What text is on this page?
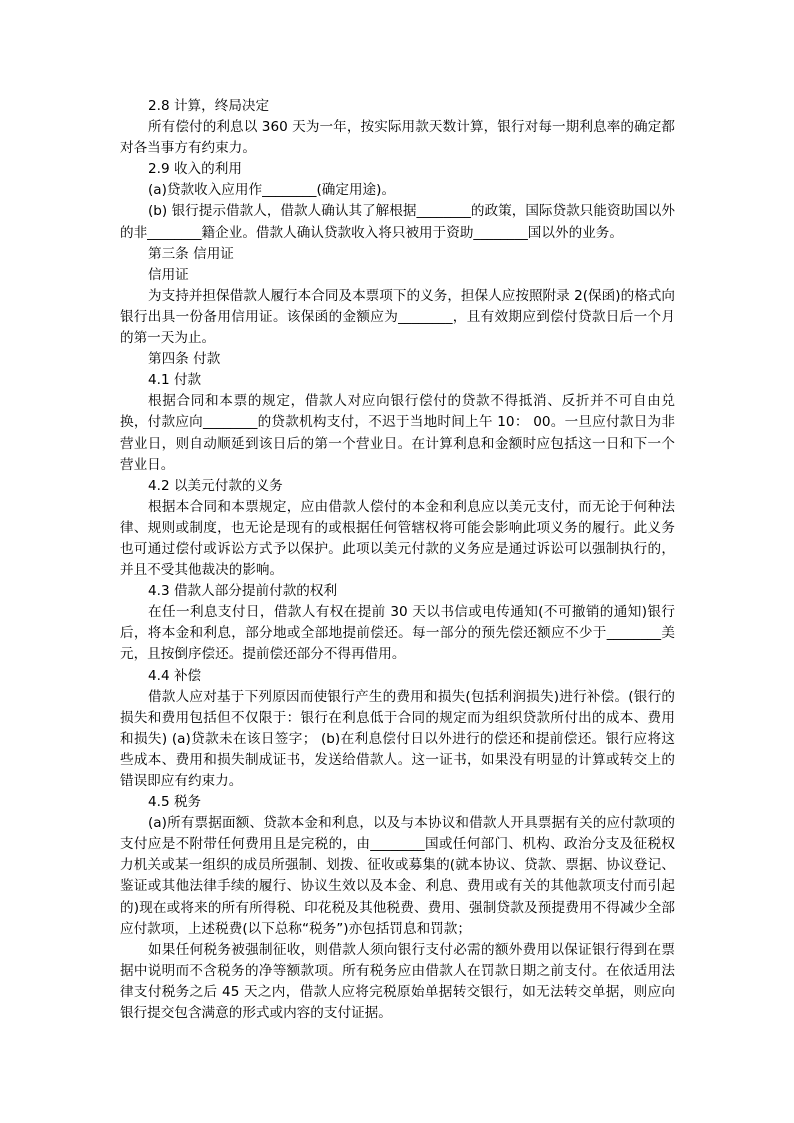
2.8 计算，终局决定

所有偿付的利息以 360 天为一年，按实际用款天数计算，银行对每一期利息率的确定都对各当事方有约束力。

2.9 收入的利用

(a)贷款收入应用作________(确定用途)。

(b) 银行提示借款人，借款人确认其了解根据________的政策，国际贷款只能资助国以外的非________籍企业。借款人确认贷款收入将只被用于资助________国以外的业务。

第三条 信用证

信用证

为支持并担保借款人履行本合同及本票项下的义务，担保人应按照附录 2(保函)的格式向银行出具一份备用信用证。该保函的金额应为________，且有效期应到偿付贷款日后一个月的第一天为止。

第四条 付款

4.1 付款

根据合同和本票的规定，借款人对应向银行偿付的贷款不得抵消、反折并不可自由兑换，付款应向________的贷款机构支付，不迟于当地时间上午 10： 00。一旦应付款日为非营业日，则自动顺延到该日后的第一个营业日。在计算利息和金额时应包括这一日和下一个营业日。

4.2 以美元付款的义务

根据本合同和本票规定，应由借款人偿付的本金和利息应以美元支付，而无论于何种法律、规则或制度，也无论是现有的或根据任何管辖权将可能会影响此项义务的履行。此义务也可通过偿付或诉讼方式予以保护。此项以美元付款的义务应是通过诉讼可以强制执行的，并且不受其他裁决的影响。

4.3 借款人部分提前付款的权利

在任一利息支付日，借款人有权在提前 30 天以书信或电传通知(不可撤销的通知)银行后，将本金和利息，部分地或全部地提前偿还。每一部分的预先偿还额应不少于________美元，且按倒序偿还。提前偿还部分不得再借用。

4.4 补偿

借款人应对基于下列原因而使银行产生的费用和损失(包括利润损失)进行补偿。(银行的损失和费用包括但不仅限于：银行在利息低于合同的规定而为组织贷款所付出的成本、费用和损失) (a)贷款未在该日签字； (b)在利息偿付日以外进行的偿还和提前偿还。银行应将这些成本、费用和损失制成证书，发送给借款人。这一证书，如果没有明显的计算或转交上的错误即应有约束力。

4.5 税务

(a)所有票据面额、贷款本金和利息，以及与本协议和借款人开具票据有关的应付款项的支付应是不附带任何费用且是完税的，由________国或任何部门、机构、政治分支及征税权力机关或某一组织的成员所强制、划拨、征收或募集的(就本协议、贷款、票据、协议登记、鉴证或其他法律手续的履行、协议生效以及本金、利息、费用或有关的其他款项支付而引起的)现在或将来的所有所得税、印花税及其他税费、费用、强制贷款及预提费用不得减少全部应付款项，上述税费(以下总称“税务”)亦包括罚息和罚款；

如果任何税务被强制征收，则借款人须向银行支付必需的额外费用以保证银行得到在票据中说明而不含税务的净等额款项。所有税务应由借款人在罚款日期之前支付。在依适用法律支付税务之后 45 天之内，借款人应将完税原始单据转交银行，如无法转交单据，则应向银行提交包含满意的形式或内容的支付证据。
